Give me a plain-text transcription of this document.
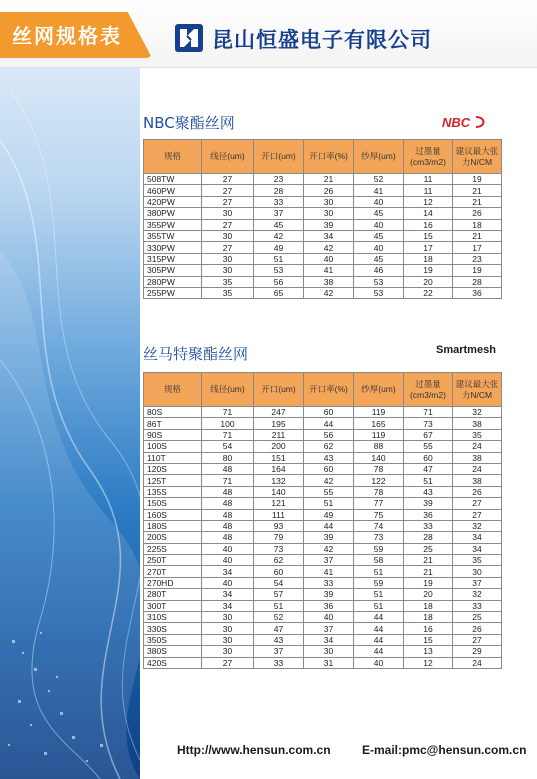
丝网规格表	昆山恒盛电子有限公司
NBC聚酯丝网	NBC
规格	线径(um)	开口(um)	开口率(%)	纱厚(um)	过墨量(cm3/m2)	建议最大张力N/CM
508TW	27	23	21	52	11	19
460PW	27	28	26	41	11	21
420PW	27	33	30	40	12	21
380PW	30	37	30	45	14	26
355PW	27	45	39	40	16	18
355TW	30	42	34	45	15	21
330PW	27	49	42	40	17	17
315PW	30	51	40	45	18	23
305PW	30	53	41	46	19	19
280PW	35	56	38	53	20	28
255PW	35	65	42	53	22	36
丝马特聚酯丝网	Smartmesh
规格	线径(um)	开口(um)	开口率(%)	纱厚(um)	过墨量(cm3/m2)	建议最大张力N/CM
80S	71	247	60	119	71	32
86T	100	195	44	165	73	38
90S	71	211	56	119	67	35
100S	54	200	62	88	55	24
110T	80	151	43	140	60	38
120S	48	164	60	78	47	24
125T	71	132	42	122	51	38
135S	48	140	55	78	43	26
150S	48	121	51	77	39	27
160S	48	111	49	75	36	27
180S	48	93	44	74	33	32
200S	48	79	39	73	28	34
225S	40	73	42	59	25	34
250T	40	62	37	58	21	35
270T	34	60	41	51	21	30
270HD	40	54	33	59	19	37
280T	34	57	39	51	20	32
300T	34	51	36	51	18	33
310S	30	52	40	44	18	25
330S	30	47	37	44	16	26
350S	30	43	34	44	15	27
380S	30	37	30	44	13	29
420S	27	33	31	40	12	24
Http://www.hensun.com.cn	E-mail:pmc@hensun.com.cn
